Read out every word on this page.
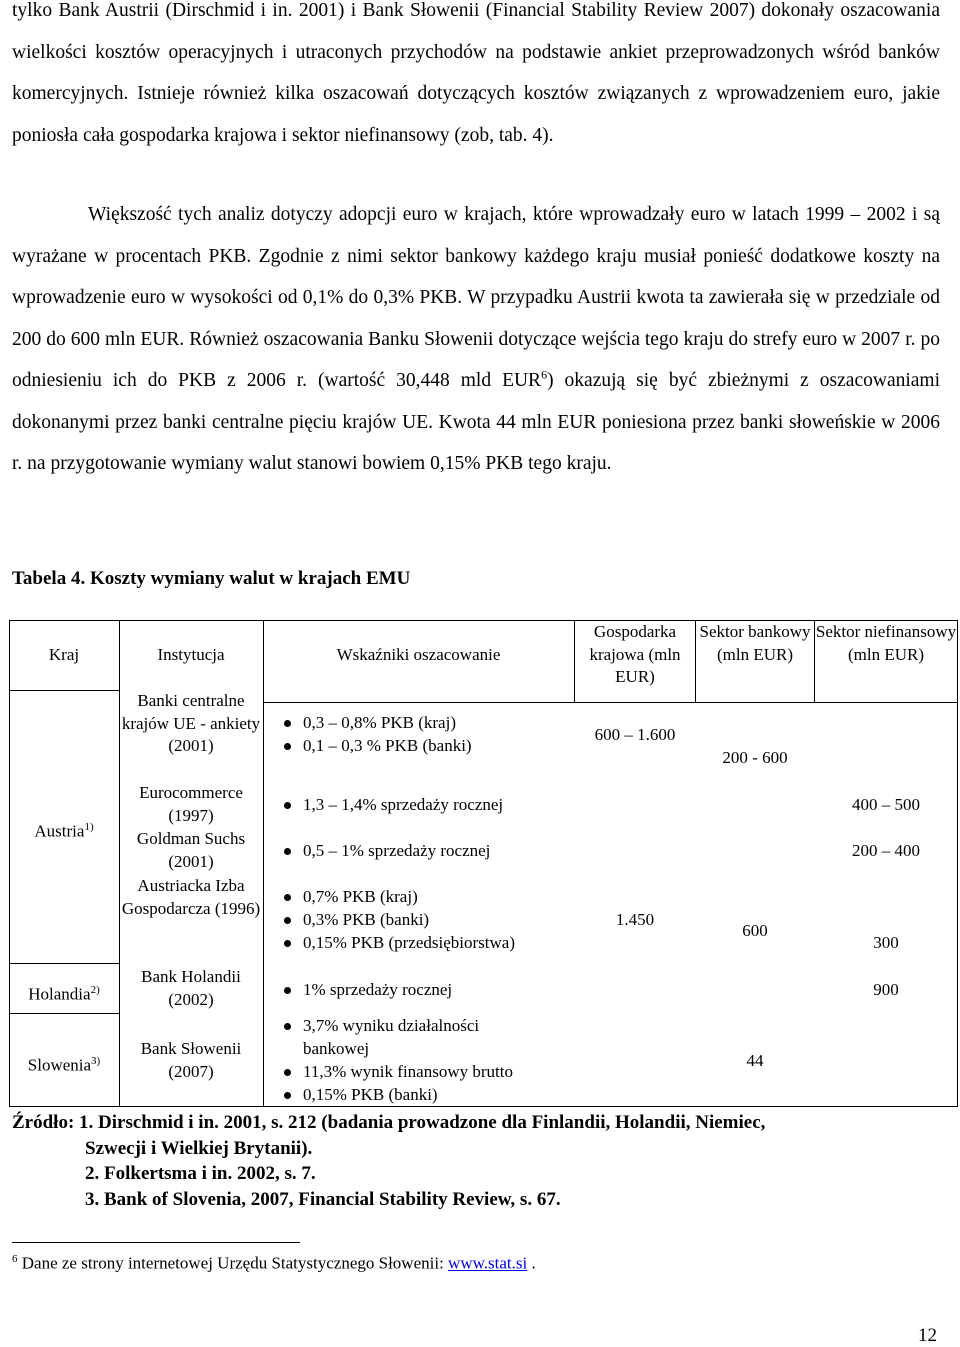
tylko Bank Austrii (Dirschmid i in. 2001) i Bank Słowenii (Financial Stability Review 2007) dokonały oszacowania wielkości kosztów operacyjnych i utraconych przychodów na podstawie ankiet przeprowadzonych wśród banków komercyjnych. Istnieje również kilka oszacowań dotyczących kosztów związanych z wprowadzeniem euro, jakie poniosła cała gospodarka krajowa i sektor niefinansowy (zob, tab. 4).

Większość tych analiz dotyczy adopcji euro w krajach, które wprowadzały euro w latach 1999 – 2002 i są wyrażane w procentach PKB. Zgodnie z nimi sektor bankowy każdego kraju musiał ponieść dodatkowe koszty na wprowadzenie euro w wysokości od 0,1% do 0,3% PKB. W przypadku Austrii kwota ta zawierała się w przedziale od 200 do 600 mln EUR. Również oszacowania Banku Słowenii dotyczące wejścia tego kraju do strefy euro w 2007 r. po odniesieniu ich do PKB z 2006 r. (wartość 30,448 mld EUR$^6$) okazują się być zbieżnymi z oszacowaniami dokonanymi przez banki centralne pięciu krajów UE. Kwota 44 mln EUR poniesiona przez banki słoweńskie w 2006 r. na przygotowanie wymiany walut stanowi bowiem 0,15% PKB tego kraju.

Tabela 4. Koszty wymiany walut w krajach EMU

Kraj	Instytucja	Wskaźniki oszacowanie
Gospodarka krajowa (mln EUR)
Sektor bankowy (mln EUR)
Sektor niefinansowy (mln EUR)
Austria$^{1)}$
Holandia$^{2)}$
Slowenia$^{3)}$
Banki centralne krajów UE - ankiety (2001)
Eurocommerce (1997)
Goldman Suchs (2001)
Austriacka Izba Gospodarcza (1996)
Bank Holandii (2002)
Bank Słowenii (2007)
0,3 – 0,8% PKB (kraj)
0,1 – 0,3 % PKB (banki)
1,3 – 1,4% sprzedaży rocznej
0,5 – 1% sprzedaży rocznej
0,7% PKB (kraj)
0,3% PKB (banki)
0,15% PKB (przedsiębiorstwa)
1% sprzedaży rocznej
3,7% wyniku działalności
bankowej
11,3% wynik finansowy brutto
0,15% PKB (banki)
600 – 1.600
200 - 600
400 – 500
200 – 400
1.450
600
300
900
44
Źródło: 1. Dirschmid i in. 2001, s. 212 (badania prowadzone dla Finlandii, Holandii, Niemiec,
Szwecji i Wielkiej Brytanii).
2. Folkertsma i in. 2002, s. 7.
3. Bank of Slovenia, 2007, Financial Stability Review, s. 67.

$^6$ Dane ze strony internetowej Urzędu Statystycznego Słowenii: www.stat.si .

12
